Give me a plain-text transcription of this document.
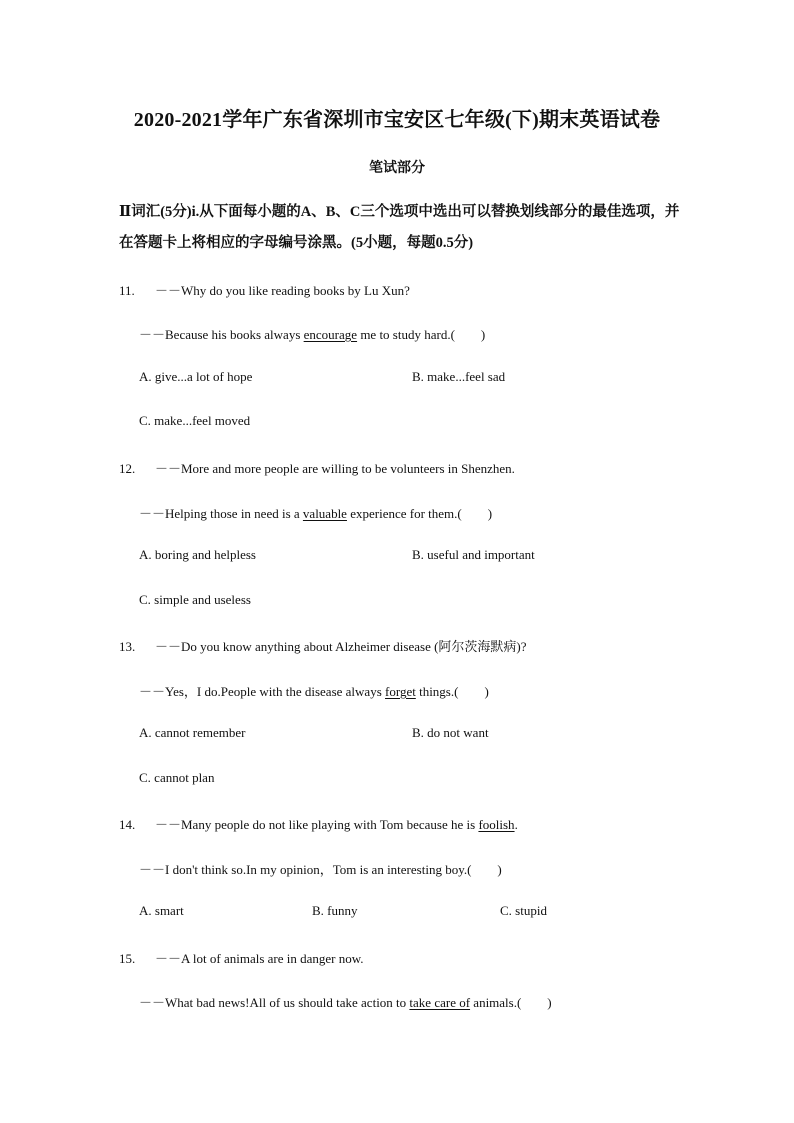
2020-2021学年广东省深圳市宝安区七年级(下)期末英语试卷
笔试部分
Ⅱ词汇(5分)i.从下面每小题的A、B、C三个选项中选出可以替换划线部分的最佳选项，并
在答题卡上将相应的字母编号涂黑。(5小题，每题0.5分)
11. －－Why do you like reading books by Lu Xun?
－－Because his books always encourage me to study hard.(　　)
A. give...a lot of hope	B. make...feel sad
C. make...feel moved
12. －－More and more people are willing to be volunteers in Shenzhen.
－－Helping those in need is a valuable experience for them.(　　)
A. boring and helpless	B. useful and important
C. simple and useless
13. －－Do you know anything about Alzheimer disease (阿尔茨海默病)?
－－Yes，I do.People with the disease always forget things.(　　)
A. cannot remember	B. do not want
C. cannot plan
14. －－Many people do not like playing with Tom because he is foolish.
－－I don't think so.In my opinion，Tom is an interesting boy.(　　)
A. smart	B. funny	C. stupid
15. －－A lot of animals are in danger now.
－－What bad news!All of us should take action to take care of animals.(　　)
